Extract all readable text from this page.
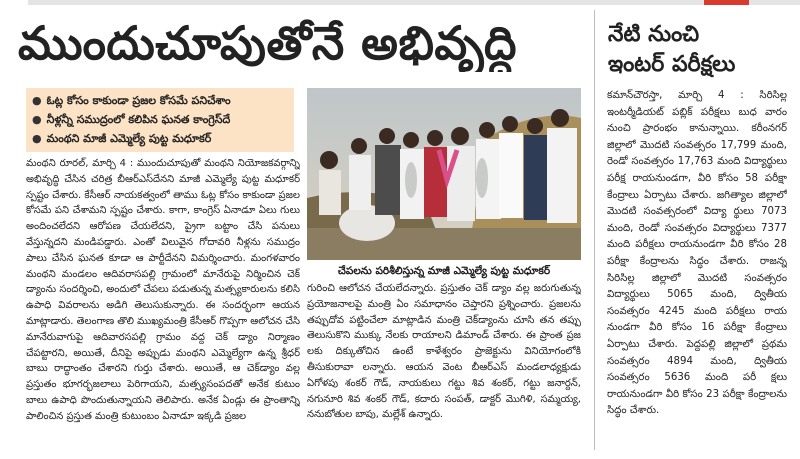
ముందుచూపుతోనే అభివృద్ధి
● ఓట్ల కోసం కాకుండా ప్రజల కోసమే పనిచేశాం
● నీళ్లన్నీ సముద్రంలో కలిపిన ఘనత కాంగ్రెస్‌దే
● మంథని మాజీ ఎమ్మెల్యే పుట్ట మధూకర్‌
చేపలను పరిశీలిస్తున్న మాజీ ఎమ్మెల్యే పుట్ట మధూకర్‌

మంథని రూరల్‌, మార్చి 4 : ముందుచూపుతో మంథని నియోజకవర్గాన్ని అభివృద్ధి చేసిన చరిత్ర బీఆర్‌ఎస్‌దేనని మాజీ ఎమ్మెల్యే పుట్ట మధూకర్‌ స్పష్టం చేశారు. కేసీఆర్‌ నాయకత్వంలో తాము ఓట్ల కోసం కాకుండా ప్రజల కోసమే పని చేశామని స్పష్టం చేశారు. కాగా, కాంగ్రెస్‌ ఏనాడూ ఏలు గులు అందించలేదని ఆరోపణ చేయలేదని, ప్రైగా బట్టాం చేసి పనులు వేస్తున్నదని మండిపడ్డారు. ఎంతో విలువైన గోదావరి నీళ్లను సముద్రం పాలు చేసిన ఘనత కూడా ఆ పార్టీదేనని విమర్శించారు. మంగళవారం మంథని మండలం ఆదివరాసపల్లి గ్రామంలో మానేరుపై నిర్మించిన చెక్‌ డ్యాంను సందర్శించి, అందులో చేపలు పడుతున్న మత్స్యకారులను కలిసి ఉపాధి వివరాలను అడిగి తెలుసుకున్నారు. ఈ సందర్భంగా ఆయన మాట్లాడారు. తెలంగాణ తొలి ముఖ్యమంత్రి కేసీఆర్‌ గొప్పగా ఆలోచన చేసి మానేరువాగుపై ఆదివారసపల్లి గ్రామం వద్ద చెక్‌ డ్యాం నిర్మాణం చేపట్టారని, అయితే, దీనిపై అప్పుడు మంథని ఎమ్మెల్యేగా ఉన్న శ్రీధర్‌ బాబు రాద్ధాంతం చేశారని గుర్తు చేశారు. అయితే, ఆ చెక్‌డ్యాం వల్ల ప్రస్తుతం భూగర్భజలాలు పెరిగాయని, మత్స్యసంపదతో అనేక కుటుం బాలు ఉపాధి పొందుతున్నాయని తెలిపారు. అనేక ఏండ్లు ఈ ప్రాంతాన్ని పాలించిన ప్రస్తుత మంత్రి కుటుంబం ఏనాడూ ఇక్కడి ప్రజల

గురించి ఆలోచన చేయలేదన్నారు. ప్రస్తుతం చెక్‌ డ్యాం వల్ల జరుగుతున్న ప్రయోజనాలపై మంత్రి ఏం సమాధానం చెప్తారని ప్రశ్నించారు. ప్రజలను తప్పుదోవ పట్టించేలా మాట్లాడిన మంత్రి చెక్‌డ్యాంను చూసి తన తప్పు తెలుసుకొని ముక్కు నేలకు రాయాలని డిమాండ్‌ చేశారు. ఈ ప్రాంత ప్రజ లకు దిక్కుతోచిన ఉంటే కాళేశ్వరం ప్రాజెక్టును వినియోగంలోకి తీసుకురావా లన్నారు. ఆయన వెంట బీఆర్‌ఎస్‌ మండలాధ్యక్షుడు ఏగోళపు శంకర్‌ గౌడ్‌, నాయకులు గట్టు శివ శంకర్‌, గట్టు జనార్దన్‌, నగునూరి శివ శంకర్‌ గౌడ్‌, కదారు సంపత్‌, డాక్టర్‌ మొగిళి, సమ్మయ్య, ననుబోతుల బాపు, మల్లేశ్‌ ఉన్నారు.

నేటి నుంచి
ఇంటర్‌ పరీక్షలు

కమాన్‌చౌరస్తా, మార్చి 4 : సిరిసిల్ల ఇంటర్మీడియట్‌ పబ్లిక్‌ పరీక్షలు బుధ వారం నుంచి ప్రారంభం కానున్నాయి. కరీంనగర్‌ జిల్లాలో మొదటి సంవత్సరం 17,799 మంది, రెండో సంవత్సరం 17,763 మంది విద్యార్థులు పరీక్ష రాయనుండగా, వీరి కోసం 58 పరీక్షా కేంద్రాలు ఏర్పాటు చేశారు. జగిత్యాల జిల్లాలో మొదటి సంవత్సరంలో విద్యా ర్థులు 7073 మంది, రెండో సంవత్సరం విద్యార్థులు 7377 మంది పరీక్షలు రాయనుండగా వీరి కోసం 28 పరీక్షా కేంద్రాలను సిద్ధం చేశారు. రాజన్న సిరిసిల్ల జిల్లాలో మొదటి సంవత్సరం విద్యార్థులు 5065 మంది, ద్వితీయ సంవత్సరం 4245 మంది పరీక్షలు రాయ నుండగా వీరి కోసం 16 పరీక్షా కేంద్రాలు ఏర్పాటు చేశారు. పెద్దపల్లి జిల్లాలో ప్రథమ సంవత్సరం 4894 మంది, ద్వితీయ సంవత్సరం 5636 మంది పరీ క్షలు రాయనుండగా వీరి కోసం 23 పరీక్షా కేంద్రాలను సిద్ధం చేశారు.
